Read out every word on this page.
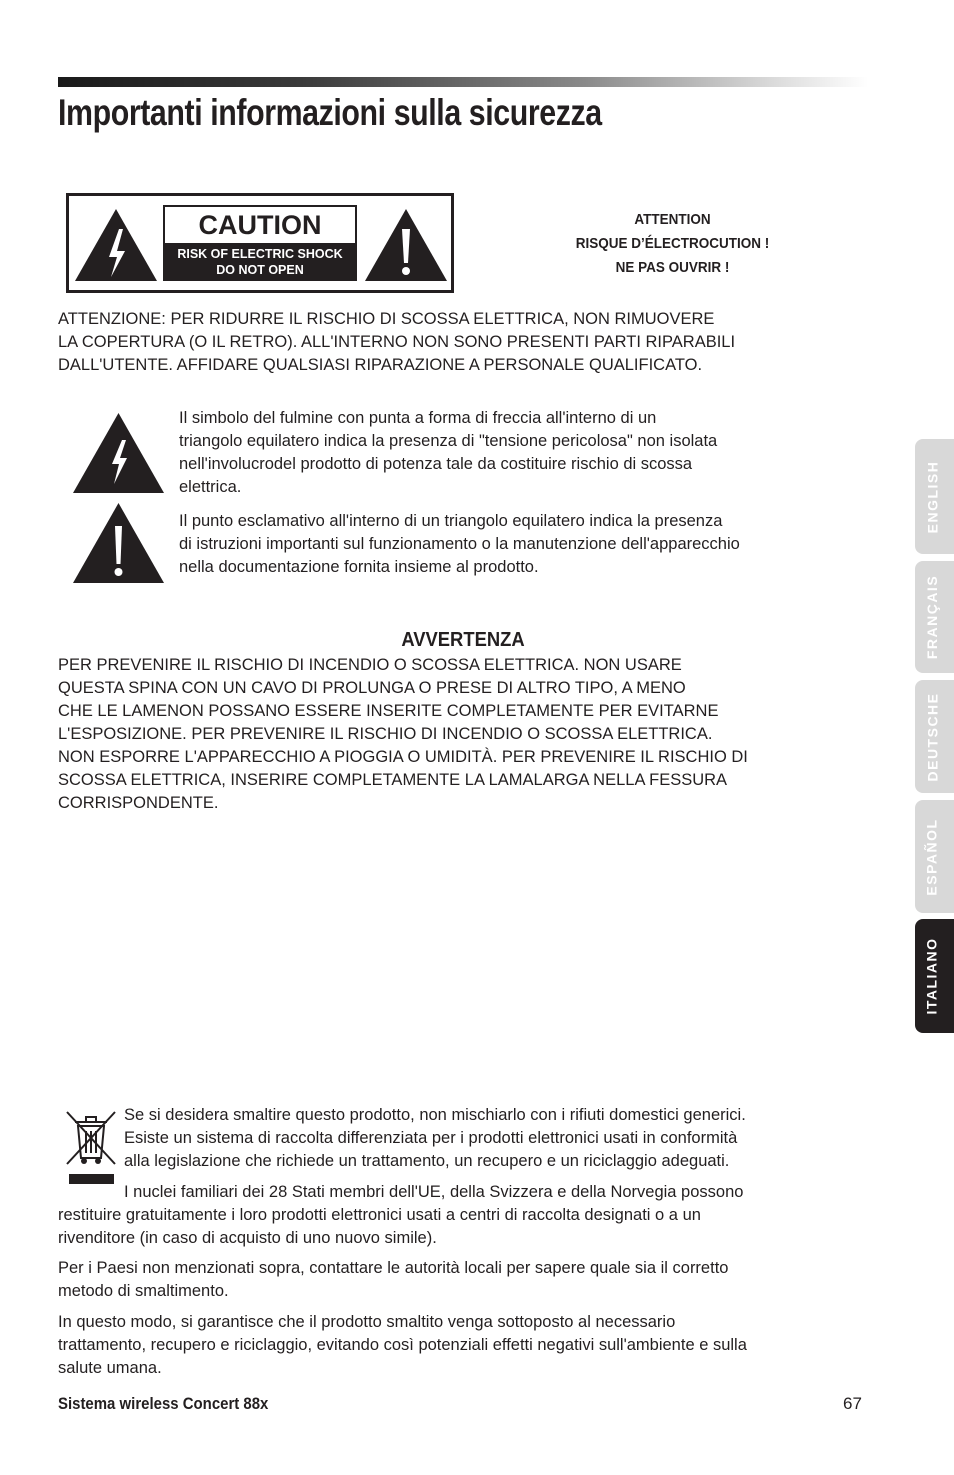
Importanti informazioni sulla sicurezza
CAUTION
RISK OF ELECTRIC SHOCK
DO NOT OPEN
ATTENTION
RISQUE D’ÉLECTROCUTION !
NE PAS OUVRIR !
ATTENZIONE: PER RIDURRE IL RISCHIO DI SCOSSA ELETTRICA, NON RIMUOVERE
LA COPERTURA (O IL RETRO). ALL'INTERNO NON SONO PRESENTI PARTI RIPARABILI
DALL'UTENTE. AFFIDARE QUALSIASI RIPARAZIONE A PERSONALE QUALIFICATO.
Il simbolo del fulmine con punta a forma di freccia all'interno di un
triangolo equilatero indica la presenza di "tensione pericolosa" non isolata
nell'involucrodel prodotto di potenza tale da costituire rischio di scossa
elettrica.
Il punto esclamativo all'interno di un triangolo equilatero indica la presenza
di istruzioni importanti sul funzionamento o la manutenzione dell'apparecchio
nella documentazione fornita insieme al prodotto.
AVVERTENZA
PER PREVENIRE IL RISCHIO DI INCENDIO O SCOSSA ELETTRICA. NON USARE
QUESTA SPINA CON UN CAVO DI PROLUNGA O PRESE DI ALTRO TIPO, A MENO
CHE LE LAMENON POSSANO ESSERE INSERITE COMPLETAMENTE PER EVITARNE
L'ESPOSIZIONE. PER PREVENIRE IL RISCHIO DI INCENDIO O SCOSSA ELETTRICA.
NON ESPORRE L'APPARECCHIO A PIOGGIA O UMIDITÀ. PER PREVENIRE IL RISCHIO DI
SCOSSA ELETTRICA, INSERIRE COMPLETAMENTE LA LAMALARGA NELLA FESSURA
CORRISPONDENTE.
Se si desidera smaltire questo prodotto, non mischiarlo con i rifiuti domestici generici.
Esiste un sistema di raccolta differenziata per i prodotti elettronici usati in conformità
alla legislazione che richiede un trattamento, un recupero e un riciclaggio adeguati.
I nuclei familiari dei 28 Stati membri dell'UE, della Svizzera e della Norvegia possono
restituire gratuitamente i loro prodotti elettronici usati a centri di raccolta designati o a un
rivenditore (in caso di acquisto di uno nuovo simile).
Per i Paesi non menzionati sopra, contattare le autorità locali per sapere quale sia il corretto
metodo di smaltimento.
In questo modo, si garantisce che il prodotto smaltito venga sottoposto al necessario
trattamento, recupero e riciclaggio, evitando così potenziali effetti negativi sull'ambiente e sulla
salute umana.
Sistema wireless Concert 88x	67
ENGLISH
FRANÇAIS
DEUTSCHE
ESPAÑOL
ITALIANO
